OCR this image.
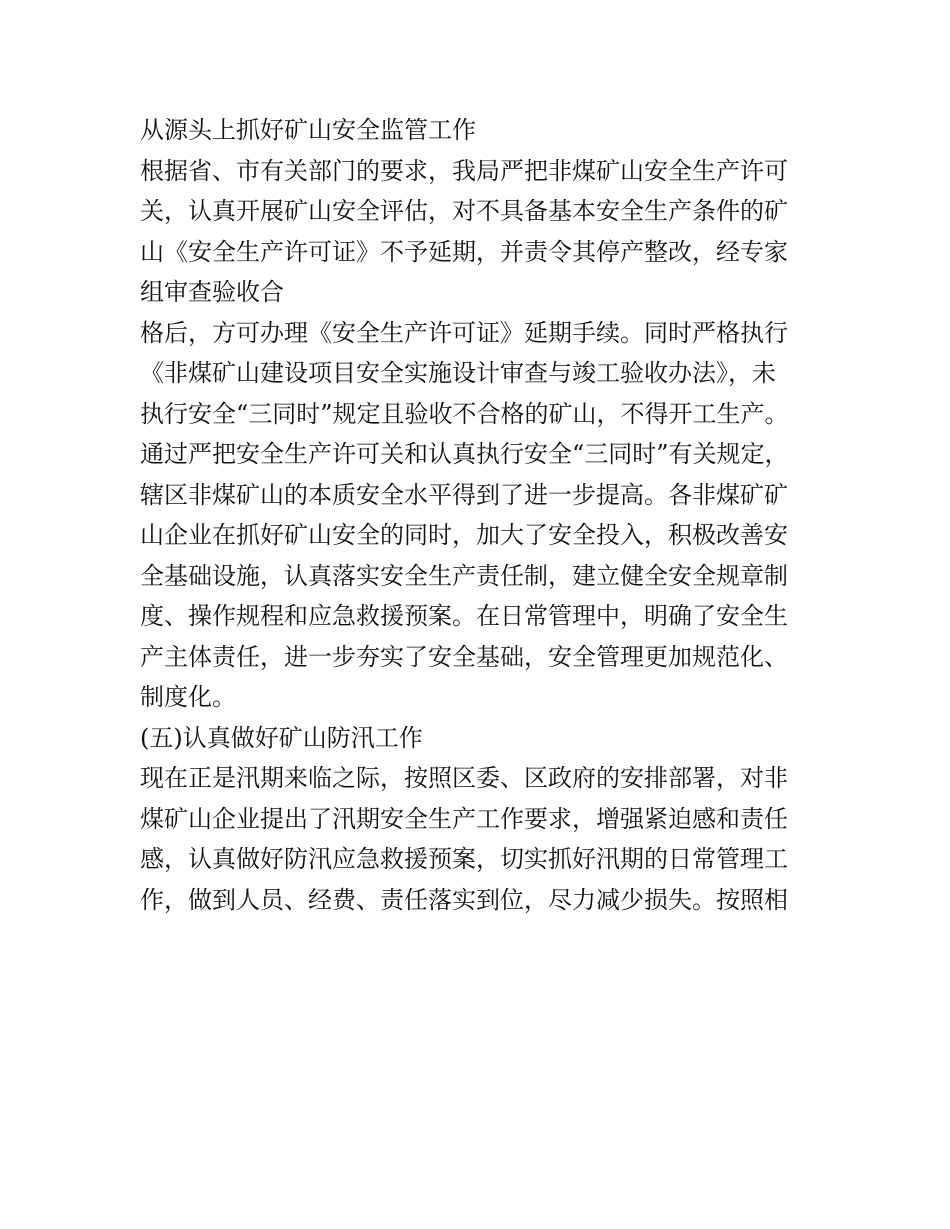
从源头上抓好矿山安全监管工作
根据省、市有关部门的要求，我局严把非煤矿山安全生产许可
关，认真开展矿山安全评估，对不具备基本安全生产条件的矿
山《安全生产许可证》不予延期，并责令其停产整改，经专家
组审查验收合
格后，方可办理《安全生产许可证》延期手续。同时严格执行
《非煤矿山建设项目安全实施设计审查与竣工验收办法》，未
执行安全“三同时”规定且验收不合格的矿山，不得开工生产。
通过严把安全生产许可关和认真执行安全“三同时”有关规定，
辖区非煤矿山的本质安全水平得到了进一步提高。各非煤矿矿
山企业在抓好矿山安全的同时，加大了安全投入，积极改善安
全基础设施，认真落实安全生产责任制，建立健全安全规章制
度、操作规程和应急救援预案。在日常管理中，明确了安全生
产主体责任，进一步夯实了安全基础，安全管理更加规范化、
制度化。
(五)认真做好矿山防汛工作
现在正是汛期来临之际，按照区委、区政府的安排部署，对非
煤矿山企业提出了汛期安全生产工作要求，增强紧迫感和责任
感，认真做好防汛应急救援预案，切实抓好汛期的日常管理工
作，做到人员、经费、责任落实到位，尽力减少损失。按照相
